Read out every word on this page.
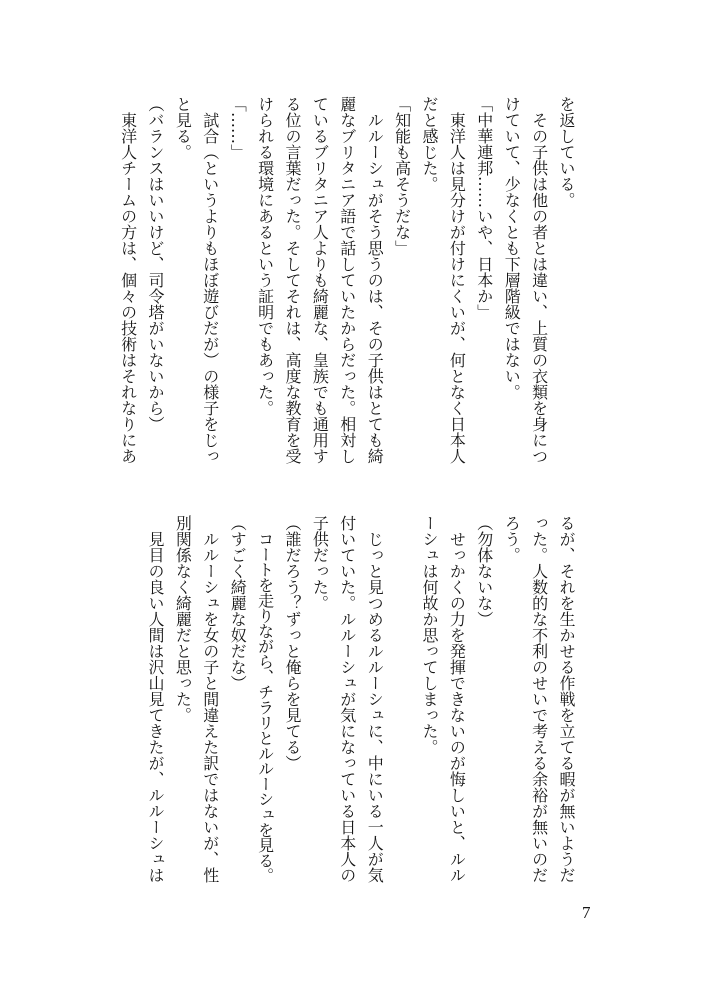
を返している。
その子供は他の者とは違い、上質の衣類を身につ
けていて、少なくとも下層階級ではない。
「中華連邦……いや、日本か」
東洋人は見分けが付けにくいが、何となく日本人
だと感じた。
「知能も高そうだな」
ルルーシュがそう思うのは、その子供はとても綺
麗なブリタニア語で話していたからだった。相対し
ているブリタニア人よりも綺麗な、皇族でも通用す
る位の言葉だった。そしてそれは、高度な教育を受
けられる環境にあるという証明でもあった。
「……」
試合（というよりもほぼ遊びだが）の様子をじっ
と見る。
（バランスはいいけど、司令塔がいないから）
東洋人チームの方は、個々の技術はそれなりにあ
るが、それを生かせる作戦を立てる暇が無いようだ
った。人数的な不利のせいで考える余裕が無いのだ
ろう。
（勿体ないな）
せっかくの力を発揮できないのが悔しいと、ルル
ーシュは何故か思ってしまった。
じっと見つめるルルーシュに、中にいる一人が気
付いていた。ルルーシュが気になっている日本人の
子供だった。
（誰だろう？ずっと俺らを見てる）
コートを走りながら、チラリとルルーシュを見る。
（すごく綺麗な奴だな）
ルルーシュを女の子と間違えた訳ではないが、性
別関係なく綺麗だと思った。
見目の良い人間は沢山見てきたが、ルルーシュは
7
